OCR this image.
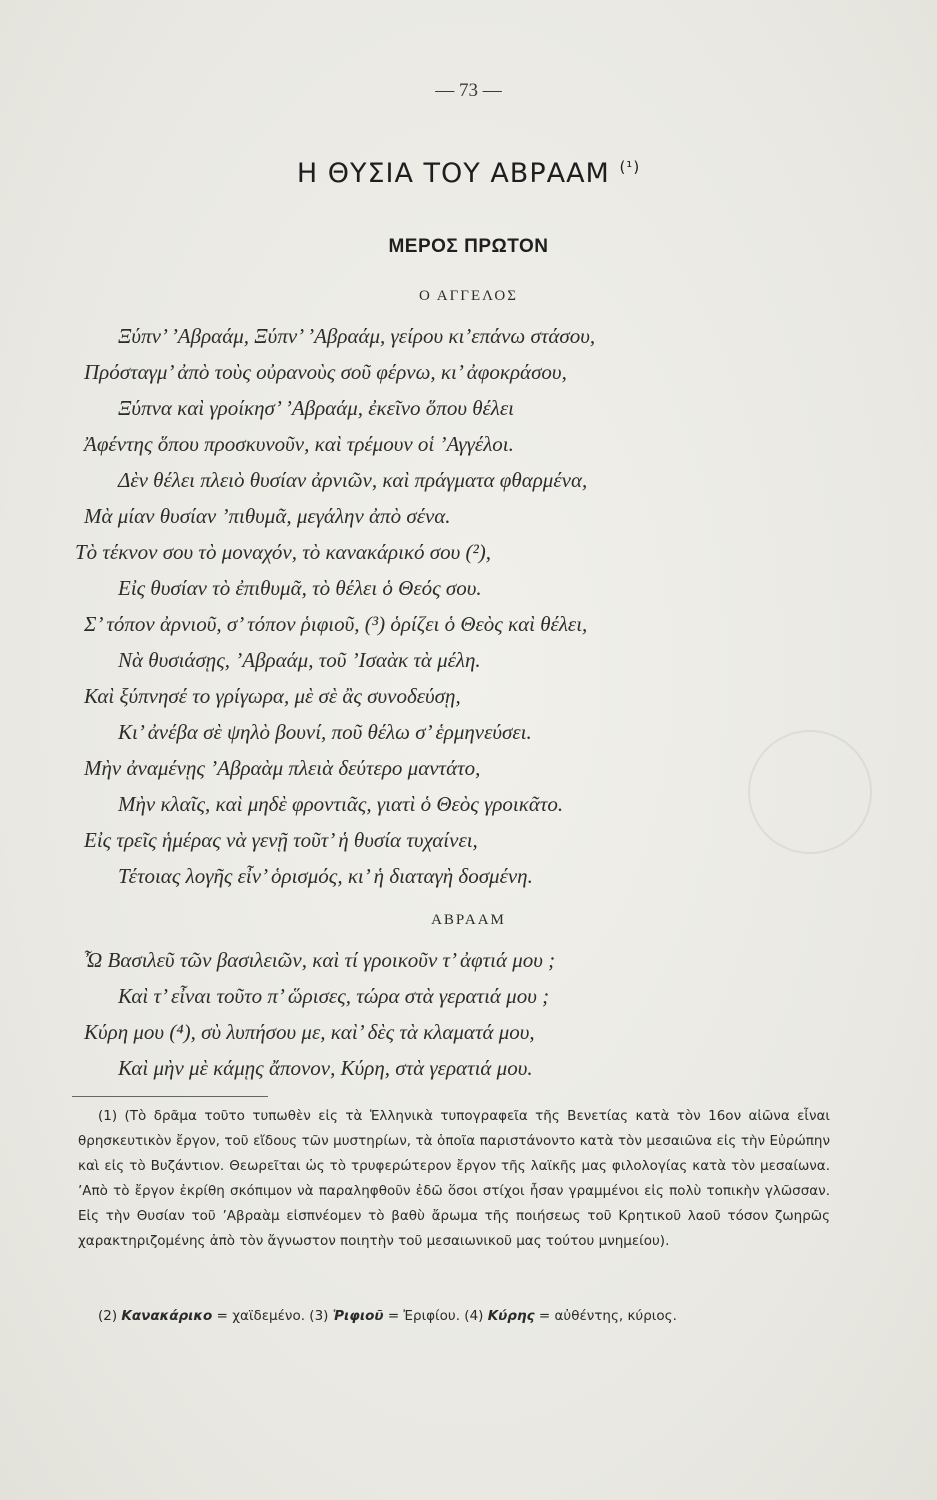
— 73 —
Η ΘΥΣΙΑ ΤΟΥ ΑΒΡΑΑΜ $^{(^1)}$
ΜΕΡΟΣ ΠΡΩΤΟΝ
Ο ΑΓΓΕΛΟΣ
Ξύπν’ ’Αβραάμ, Ξύπν’ ’Αβραάμ, γείρου κι’επάνω στάσου,
Πρόσταγμ’ ἀπὸ τοὺς οὐρανοὺς σοῦ φέρνω, κι’ ἀφοκράσου,
Ξύπνα καὶ γροίκησ’ ’Αβραάμ, ἐκεῖνο ὅπου θέλει
Ἀφέντης ὅπου προσκυνοῦν, καὶ τρέμουν οἱ ’Αγγέλοι.
Δὲν θέλει πλειὸ θυσίαν ἀρνιῶν, καὶ πράγματα φθαρμένα,
Μὰ μίαν θυσίαν ’πιθυμᾶ, μεγάλην ἀπὸ σένα.
Τὸ τέκνον σου τὸ μοναχόν, τὸ κανακάρικό σου (²),
Εἰς θυσίαν τὸ ἐπιθυμᾶ, τὸ θέλει ὁ Θεός σου.
Σ’ τόπον ἀρνιοῦ, σ’ τόπον ῥιφιοῦ, (³) ὁρίζει ὁ Θεὸς καὶ θέλει,
Νὰ θυσιάσῃς, ’Αβραάμ, τοῦ ’Ισαὰκ τὰ μέλη.
Καὶ ξύπνησέ το γρίγωρα, μὲ σὲ ἂς συνοδεύσῃ,
Κι’ ἀνέβα σὲ ψηλὸ βουνί, ποῦ θέλω σ’ ἑρμηνεύσει.
Μὴν ἀναμένῃς ’Αβραὰμ πλειὰ δεύτερο μαντάτο,
Μὴν κλαῖς, καὶ μηδὲ φροντιᾶς, γιατὶ ὁ Θεὸς γροικᾶτο.
Εἰς τρεῖς ἡμέρας νὰ γενῇ τοῦτ’ ἡ θυσία τυχαίνει,
Τέτοιας λογῆς εἶν’ ὁρισμός, κι’ ἡ διαταγὴ δοσμένη.
ΑΒΡΑΑΜ
Ὦ Βασιλεῦ τῶν βασιλειῶν, καὶ τί γροικοῦν τ’ ἀφτιά μου ;
Καὶ τ’ εἶναι τοῦτο π’ ὥρισες, τώρα στὰ γερατιά μου ;
Κύρη μου (⁴), σὺ λυπήσου με, καὶ’ δὲς τὰ κλαματά μου,
Καὶ μὴν μὲ κάμῃς ἄπονον, Κύρη, στὰ γερατιά μου.
(1) (Τὸ δρᾶμα τοῦτο τυπωθὲν εἰς τὰ Ἑλληνικὰ τυπογραφεῖα τῆς Βενετίας κατὰ τὸν 16ον αἰῶνα εἶναι θρησκευτικὸν ἔργον, τοῦ εἴδους τῶν μυστηρίων, τὰ ὁποῖα παριστάνοντο κατὰ τὸν μεσαιῶνα εἰς τὴν Εὐρώπην καὶ εἰς τὸ Βυζάντιον. Θεωρεῖται ὡς τὸ τρυφερώτερον ἔργον τῆς λαϊκῆς μας φιλολογίας κατὰ τὸν μεσαίωνα. ’Απὸ τὸ ἔργον ἐκρίθη σκόπιμον νὰ παραληφθοῦν ἐδῶ ὅσοι στίχοι ἦσαν γραμμένοι εἰς πολὺ τοπικὴν γλῶσσαν. Εἰς τὴν Θυσίαν τοῦ ’Αβραὰμ εἰσπνέομεν τὸ βαθὺ ἄρωμα τῆς ποιήσεως τοῦ Κρητικοῦ λαοῦ τόσον ζωηρῶς χαρακτηριζομένης ἀπὸ τὸν ἄγνωστον ποιητὴν τοῦ μεσαιωνικοῦ μας τούτου μνημείου).
(2) Κανακάρικο = χαϊδεμένο. (3) Ῥιφιοῦ = Ἐριφίου. (4) Κύρης = αὐθέντης, κύριος.
